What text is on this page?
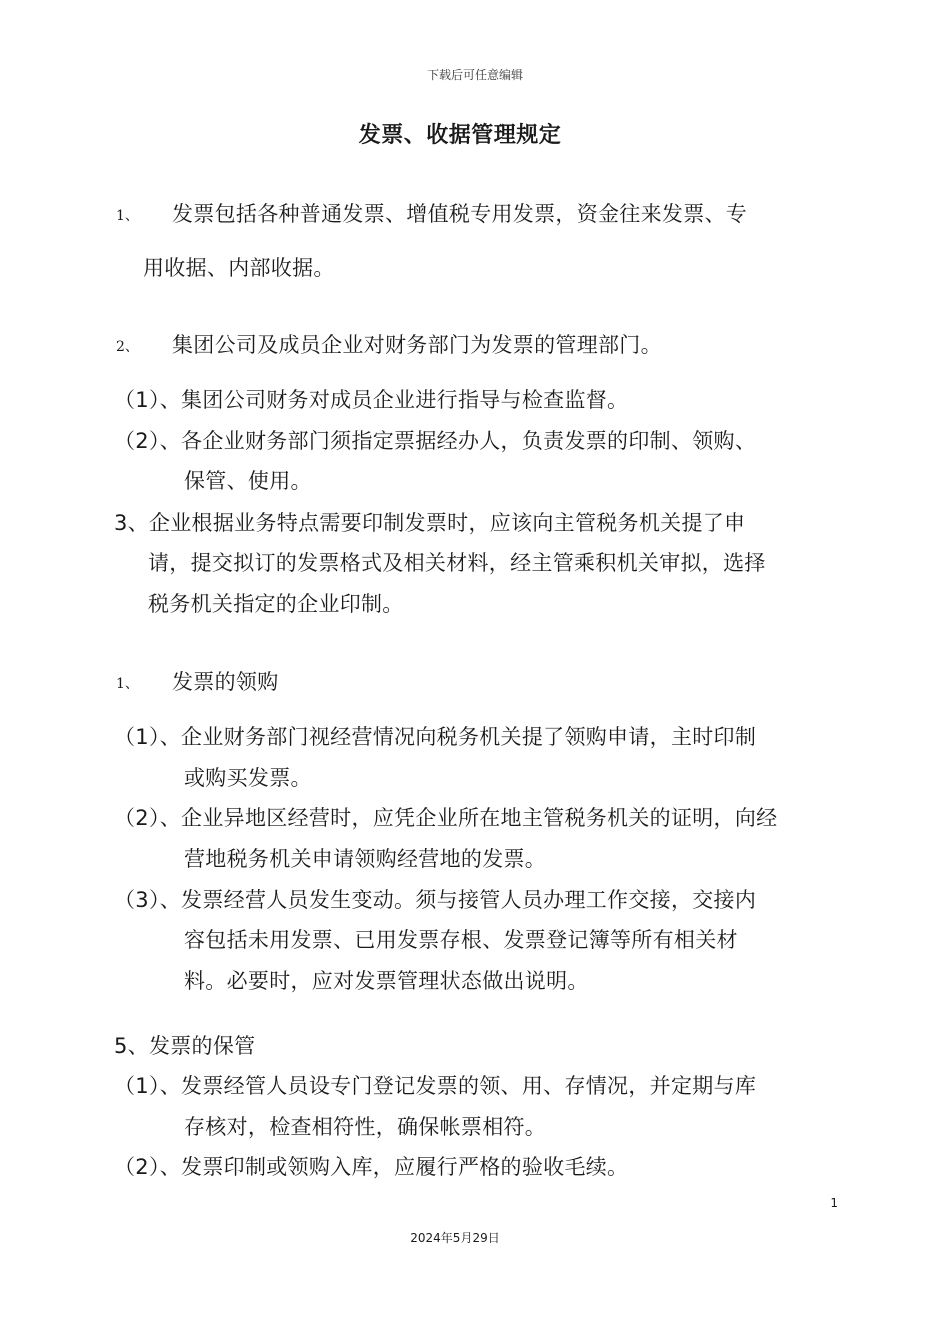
下载后可任意编辑
发票、收据管理规定
1、 发票包括各种普通发票、增值税专用发票，资金往来发票、专
用收据、内部收据。
2、 集团公司及成员企业对财务部门为发票的管理部门。
（1）、集团公司财务对成员企业进行指导与检查监督。
（2）、各企业财务部门须指定票据经办人，负责发票的印制、领购、
保管、使用。
3、企业根据业务特点需要印制发票时，应该向主管税务机关提了申
请，提交拟订的发票格式及相关材料，经主管乘积机关审拟，选择
税务机关指定的企业印制。
1、 发票的领购
（1）、企业财务部门视经营情况向税务机关提了领购申请，主时印制
或购买发票。
（2）、企业异地区经营时，应凭企业所在地主管税务机关的证明，向经
营地税务机关申请领购经营地的发票。
（3）、发票经营人员发生变动。须与接管人员办理工作交接，交接内
容包括未用发票、已用发票存根、发票登记簿等所有相关材
料。必要时，应对发票管理状态做出说明。
5、发票的保管
（1）、发票经管人员设专门登记发票的领、用、存情况，并定期与库
存核对，检查相符性，确保帐票相符。
（2）、发票印制或领购入库，应履行严格的验收毛续。
1
2024年5月29日
